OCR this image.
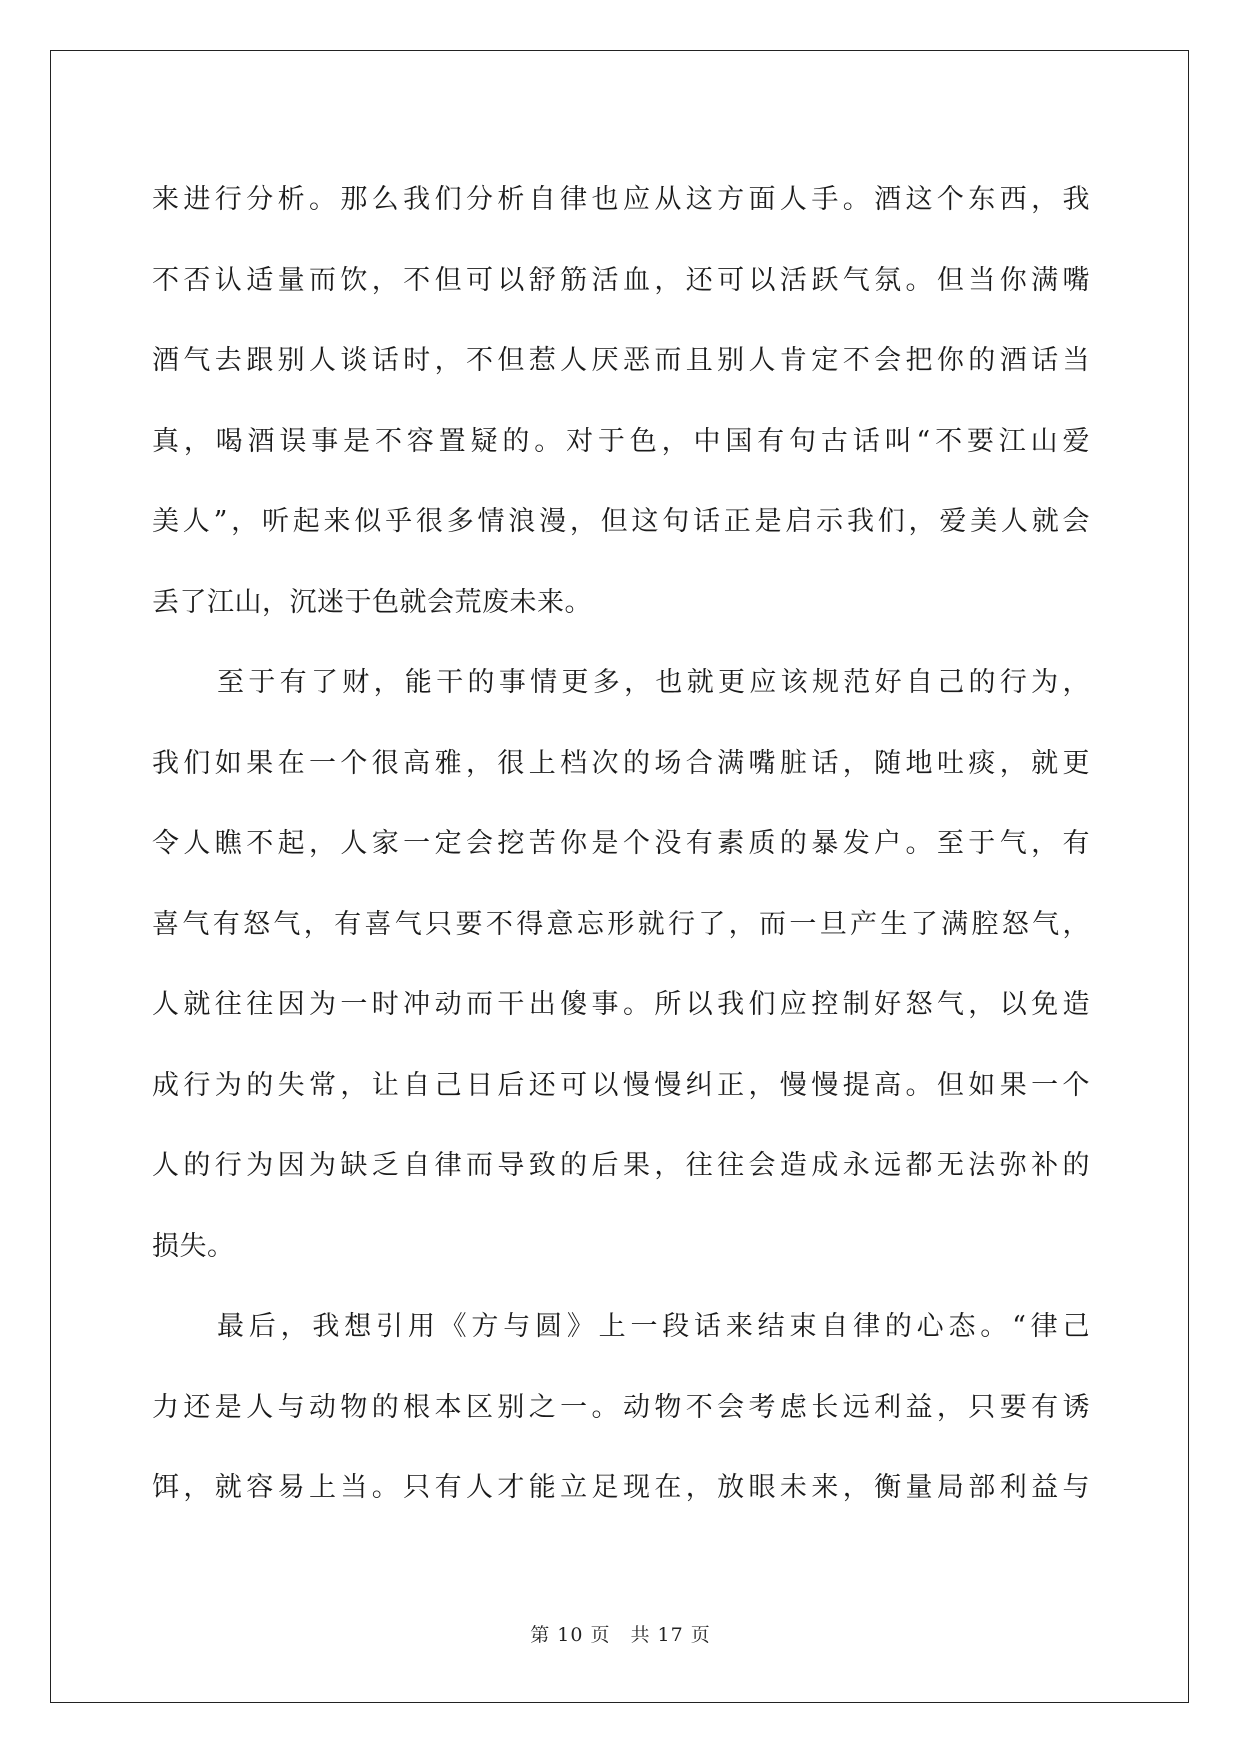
来进行分析。那么我们分析自律也应从这方面人手。酒这个东西，我
不否认适量而饮，不但可以舒筋活血，还可以活跃气氛。但当你满嘴
酒气去跟别人谈话时，不但惹人厌恶而且别人肯定不会把你的酒话当
真，喝酒误事是不容置疑的。对于色，中国有句古话叫“不要江山爱
美人”，听起来似乎很多情浪漫，但这句话正是启示我们，爱美人就会
丢了江山，沉迷于色就会荒废未来。

至于有了财，能干的事情更多，也就更应该规范好自己的行为，
我们如果在一个很高雅，很上档次的场合满嘴脏话，随地吐痰，就更
令人瞧不起，人家一定会挖苦你是个没有素质的暴发户。至于气，有
喜气有怒气，有喜气只要不得意忘形就行了，而一旦产生了满腔怒气，
人就往往因为一时冲动而干出傻事。所以我们应控制好怒气，以免造
成行为的失常，让自己日后还可以慢慢纠正，慢慢提高。但如果一个
人的行为因为缺乏自律而导致的后果，往往会造成永远都无法弥补的
损失。

最后，我想引用《方与圆》上一段话来结束自律的心态。“律己
力还是人与动物的根本区别之一。动物不会考虑长远利益，只要有诱
饵，就容易上当。只有人才能立足现在，放眼未来，衡量局部利益与

第 10 页　共 17 页
